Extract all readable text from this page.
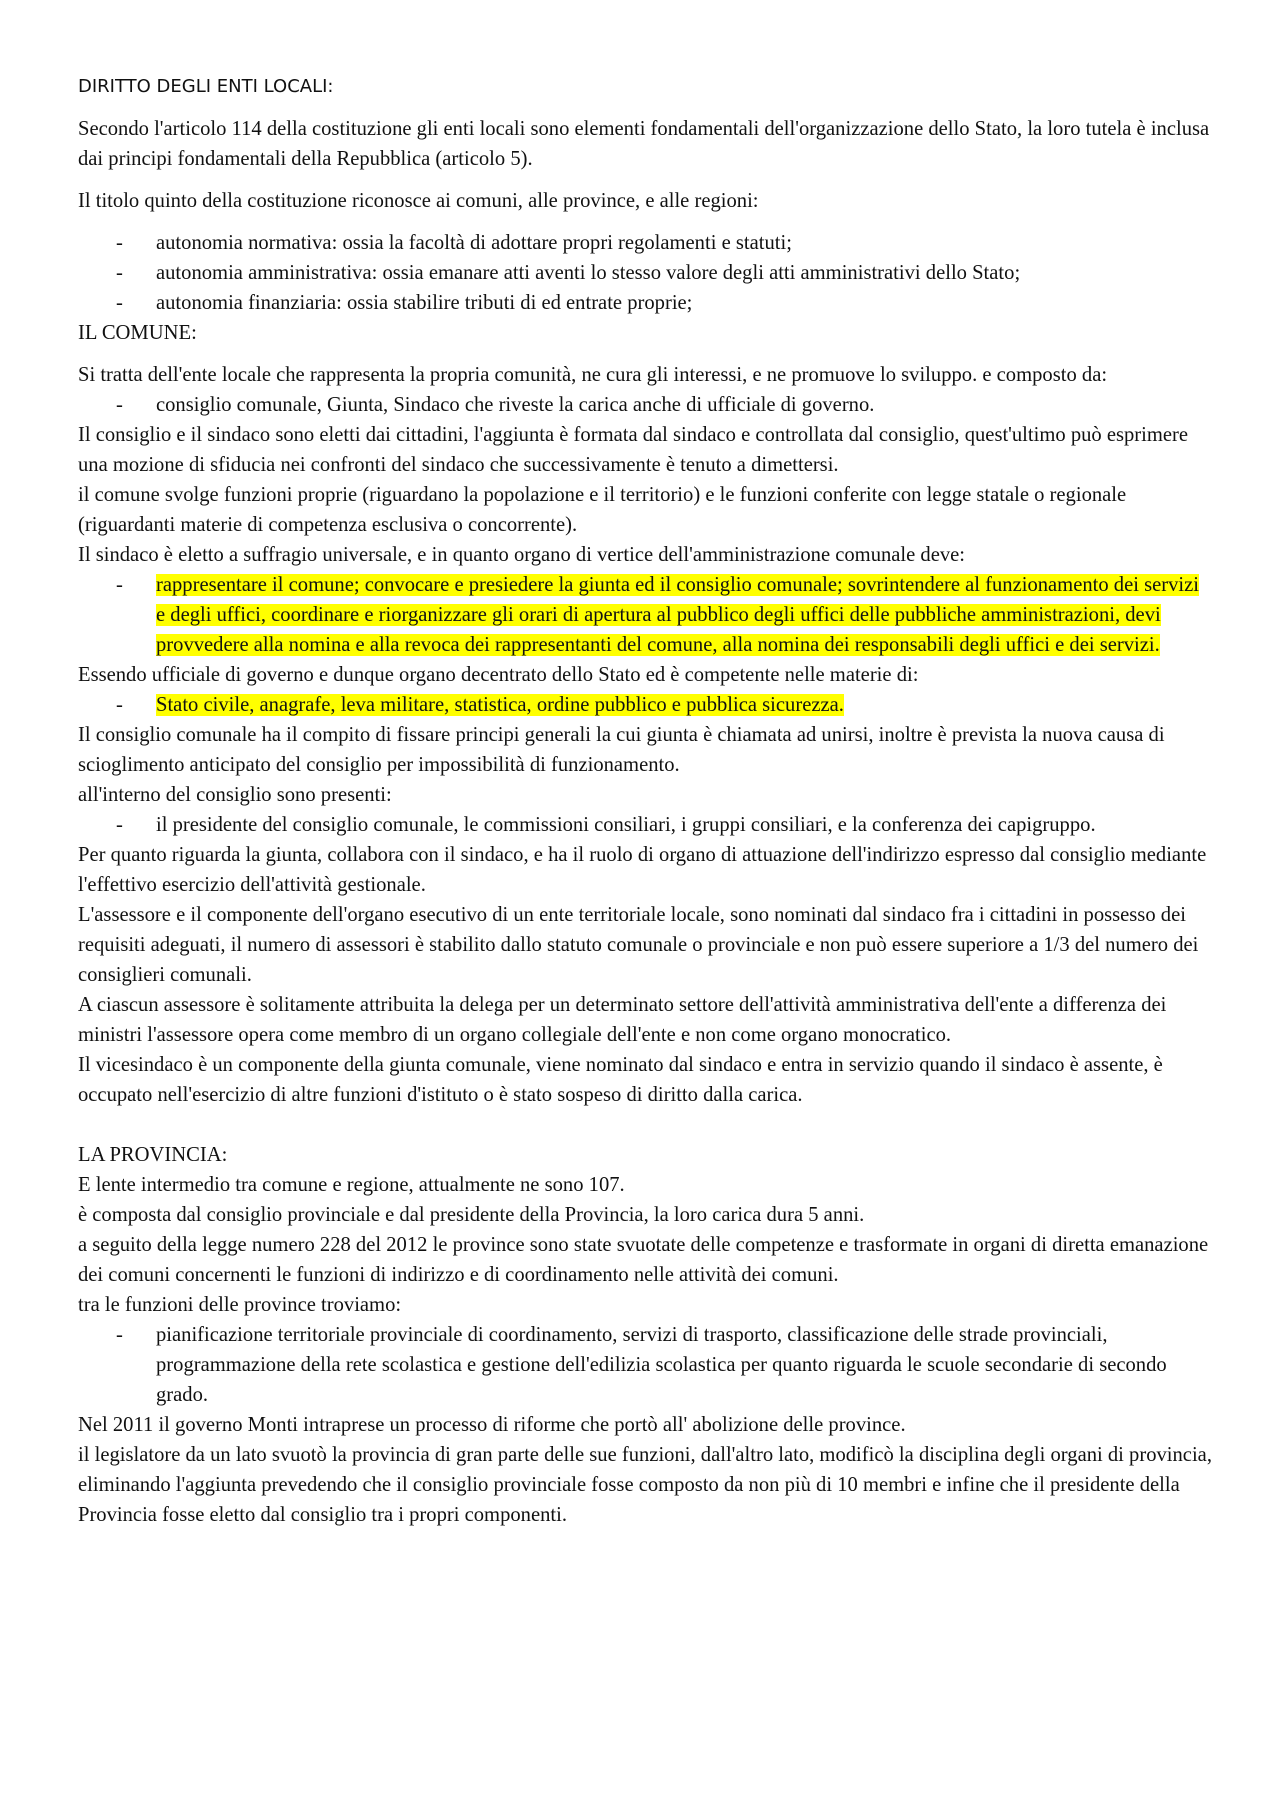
DIRITTO DEGLI ENTI LOCALI:

Secondo l'articolo 114 della costituzione gli enti locali sono elementi fondamentali dell'organizzazione dello Stato, la loro tutela è inclusa dai principi fondamentali della Repubblica (articolo 5).

Il titolo quinto della costituzione riconosce ai comuni, alle province, e alle regioni:

- autonomia normativa: ossia la facoltà di adottare propri regolamenti e statuti;
- autonomia amministrativa: ossia emanare atti aventi lo stesso valore degli atti amministrativi dello Stato;
- autonomia finanziaria: ossia stabilire tributi di ed entrate proprie;

IL COMUNE:

Si tratta dell'ente locale che rappresenta la propria comunità, ne cura gli interessi, e ne promuove lo sviluppo. e composto da:

- consiglio comunale, Giunta, Sindaco che riveste la carica anche di ufficiale di governo.

Il consiglio e il sindaco sono eletti dai cittadini, l'aggiunta è formata dal sindaco e controllata dal consiglio, quest'ultimo può esprimere una mozione di sfiducia nei confronti del sindaco che successivamente è tenuto a dimettersi.

il comune svolge funzioni proprie (riguardano la popolazione e il territorio) e le funzioni conferite con legge statale o regionale (riguardanti materie di competenza esclusiva o concorrente).

Il sindaco è eletto a suffragio universale, e in quanto organo di vertice dell'amministrazione comunale deve:

- rappresentare il comune; convocare e presiedere la giunta ed il consiglio comunale; sovrintendere al funzionamento dei servizi e degli uffici, coordinare e riorganizzare gli orari di apertura al pubblico degli uffici delle pubbliche amministrazioni, devi provvedere alla nomina e alla revoca dei rappresentanti del comune, alla nomina dei responsabili degli uffici e dei servizi.

Essendo ufficiale di governo e dunque organo decentrato dello Stato ed è competente nelle materie di:

- Stato civile, anagrafe, leva militare, statistica, ordine pubblico e pubblica sicurezza.

Il consiglio comunale ha il compito di fissare principi generali la cui giunta è chiamata ad unirsi, inoltre è prevista la nuova causa di scioglimento anticipato del consiglio per impossibilità di funzionamento.

all'interno del consiglio sono presenti:

- il presidente del consiglio comunale, le commissioni consiliari, i gruppi consiliari, e la conferenza dei capigruppo.

Per quanto riguarda la giunta, collabora con il sindaco, e ha il ruolo di organo di attuazione dell'indirizzo espresso dal consiglio mediante l'effettivo esercizio dell'attività gestionale.

L'assessore e il componente dell'organo esecutivo di un ente territoriale locale, sono nominati dal sindaco fra i cittadini in possesso dei requisiti adeguati, il numero di assessori è stabilito dallo statuto comunale o provinciale e non può essere superiore a 1/3 del numero dei consiglieri comunali.

A ciascun assessore è solitamente attribuita la delega per un determinato settore dell'attività amministrativa dell'ente a differenza dei ministri l'assessore opera come membro di un organo collegiale dell'ente e non come organo monocratico.

Il vicesindaco è un componente della giunta comunale, viene nominato dal sindaco e entra in servizio quando il sindaco è assente, è occupato nell'esercizio di altre funzioni d'istituto o è stato sospeso di diritto dalla carica.

LA PROVINCIA:

E lente intermedio tra comune e regione, attualmente ne sono 107.

è composta dal consiglio provinciale e dal presidente della Provincia, la loro carica dura 5 anni.

a seguito della legge numero 228 del 2012 le province sono state svuotate delle competenze e trasformate in organi di diretta emanazione dei comuni concernenti le funzioni di indirizzo e di coordinamento nelle attività dei comuni.

tra le funzioni delle province troviamo:

- pianificazione territoriale provinciale di coordinamento, servizi di trasporto, classificazione delle strade provinciali, programmazione della rete scolastica e gestione dell'edilizia scolastica per quanto riguarda le scuole secondarie di secondo grado.

Nel 2011 il governo Monti intraprese un processo di riforme che portò all' abolizione delle province.

il legislatore da un lato svuotò la provincia di gran parte delle sue funzioni, dall'altro lato, modificò la disciplina degli organi di provincia, eliminando l'aggiunta prevedendo che il consiglio provinciale fosse composto da non più di 10 membri e infine che il presidente della Provincia fosse eletto dal consiglio tra i propri componenti.
